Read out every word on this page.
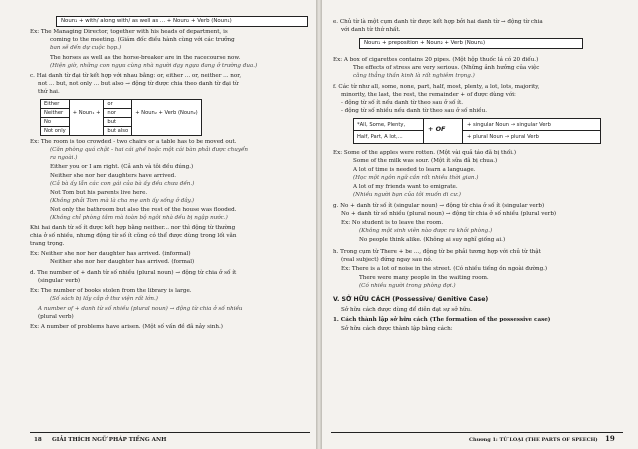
Noun₁ + with/ along with/ as well as ... + Noun₂ + Verb (Noun₁)
Ex: The Managing Director, together with his heads of department, is
coming to the meeting. (Giám đốc điều hành cùng với các trưởng
ban sẽ đến dự cuộc họp.)
The horses as well as the horse-breaker are in the racecourse now.
(Hiện giờ, những con ngựa cùng nhà người dạy ngựa đang ở trường đua.)
c. Hai danh từ đại từ kết hợp với nhau bằng: or, either ... or, neither ... nor,
not ... but, not only ... but also → động từ được chia theo danh từ đại từ
thứ hai.
Either		or	
Neither	+ Noun₁ +	nor	+ Noun₂ + Verb (Noun₂)
No		but	
Not only		but also	
Ex: The room is too crowded - two chairs or a table has to be moved out.
(Căn phòng quá chật - hai cái ghế hoặc một cái bàn phải được chuyển
ra ngoài.)
Either you or I am right. (Cả anh và tôi đều đúng.)
Neither she nor her daughters have arrived.
(Cả bà ấy lẫn các con gái của bà ấy đều chưa đến.)
Not Tom but his parents live here.
(Không phải Tom mà là cha mẹ anh ấy sống ở đây.)
Not only the bathroom but also the rest of the house was flooded.
(Không chỉ phòng tắm mà toàn bộ ngôi nhà đều bị ngập nước.)
Khi hai danh từ số ít được kết hợp bằng neither... nor thì động từ thường
chia ở số nhiều, nhưng động từ số ít cũng có thể được dùng trong lối văn
trang trọng.
Ex: Neither she nor her daughter has arrived. (informal)
Neither she nor her daughter has arrived. (formal)
d. The number of + danh từ số nhiều (plural noun) → động từ chia ở số ít
(singular verb)
Ex: The number of books stolen from the library is large.
(Số sách bị lấy cắp ở thư viện rất lớn.)
A number of + danh từ số nhiều (plural noun) → động từ chia ở số nhiều
(plural verb)
Ex: A number of problems have arisen. (Một số vấn đề đã nảy sinh.)
18 GIẢI THÍCH NGỮ PHÁP TIẾNG ANH
e. Chủ từ là một cụm danh từ được kết hợp bởi hai danh từ → động từ chia
với danh từ thứ nhất.
Noun₁ + preposition + Noun₂ + Verb (Noun₁)
Ex: A box of cigarettes contains 20 pipes. (Một hộp thuốc lá có 20 điếu.)
The effects of stress are very serious. (Những ảnh hưởng của việc
căng thẳng thần kinh là rất nghiêm trọng.)
f. Các từ như all, some, none, part, half, most, plenty, a lot, lots, majority,
minority, the last, the rest, the remainder + of được dùng với:
- động từ số ít nếu danh từ theo sau ở số ít.
- động từ số nhiều nếu danh từ theo sau ở số nhiều.
*All, Some, Plenty,
Half, Part, A lot,...
+ OF	+ singular Noun → singular Verb
+ plural Noun → plural Verb
Ex: Some of the apples were rotten. (Một vài quả táo đã bị thối.)
Some of the milk was sour. (Một ít sữa đã bị chua.)
A lot of time is needed to learn a language.
(Học một ngôn ngữ cần rất nhiều thời gian.)
A lot of my friends want to emigrate.
(Nhiều người bạn của tôi muốn di cư.)
g. No + danh từ số ít (singular noun) → động từ chia ở số ít (singular verb)
No + danh từ số nhiều (plural noun) → động từ chia ở số nhiều (plural verb)
Ex: No student is to leave the room.
(Không một sinh viên nào được ra khỏi phòng.)
No people think alike. (Không ai suy nghĩ giống ai.)
h. Trong cụm từ There + be ..., động từ be phải tương hợp với chủ từ thật
(real subject) đứng ngay sau nó.
Ex: There is a lot of noise in the street. (Có nhiều tiếng ồn ngoài đường.)
There were many people in the waiting room.
(Có nhiều người trong phòng đợi.)
V. SỞ HỮU CÁCH (Possessive/ Genitive Case)
Sở hữu cách được dùng để diễn đạt sự sở hữu.
1. Cách thành lập sở hữu cách (The formation of the possessive case)
Sở hữu cách được thành lập bằng cách:
Chương 1: TỪ LOẠI (THE PARTS OF SPEECH) 19
